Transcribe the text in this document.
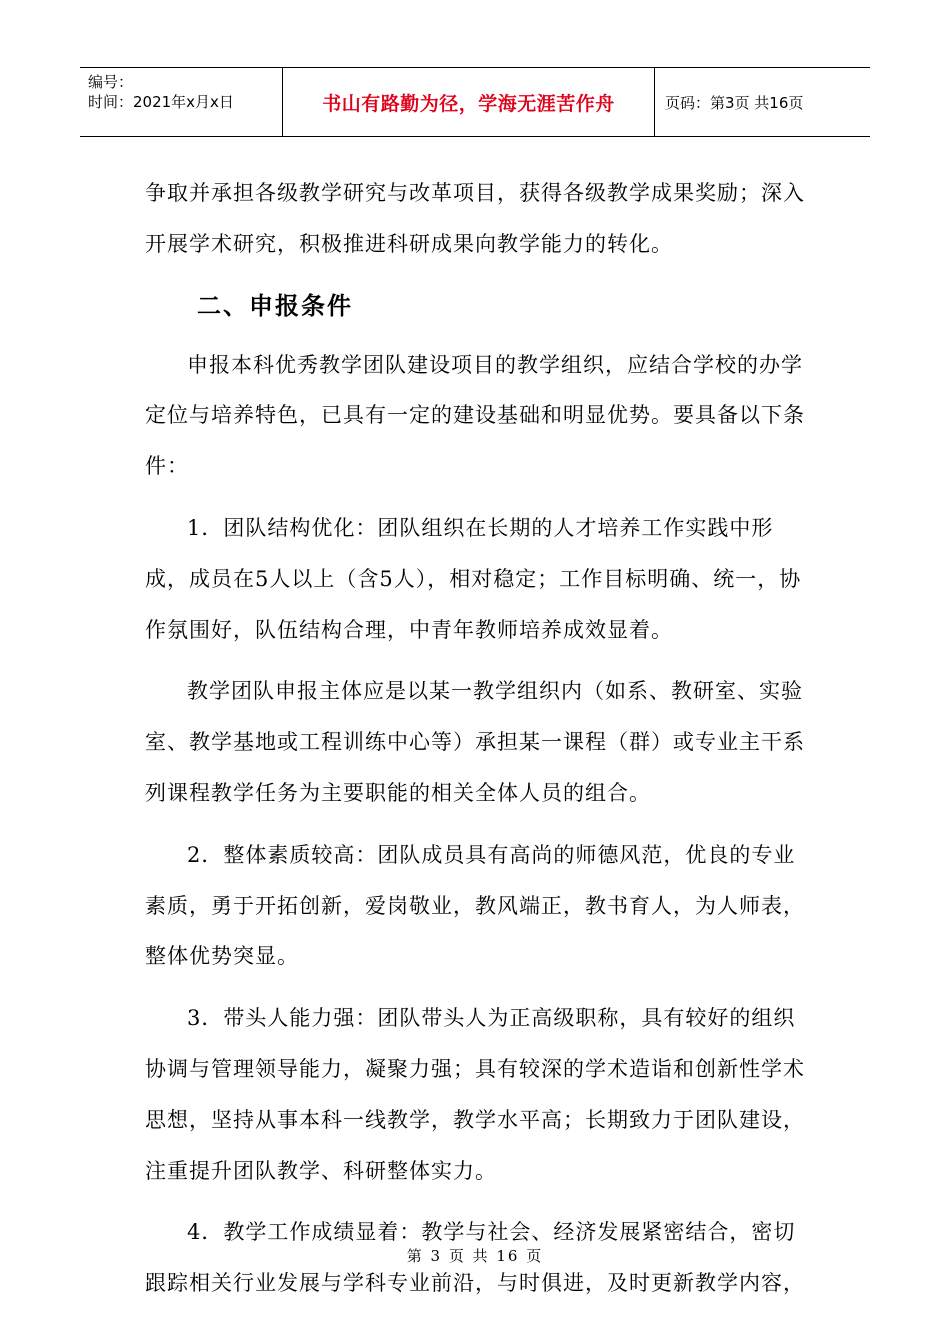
编号：
时间：2021年x月x日	书山有路勤为径，学海无涯苦作舟	页码：第3页 共16页

争取并承担各级教学研究与改革项目，获得各级教学成果奖励；深入开展学术研究，积极推进科研成果向教学能力的转化。

二、申报条件

申报本科优秀教学团队建设项目的教学组织，应结合学校的办学定位与培养特色，已具有一定的建设基础和明显优势。要具备以下条件：

1．团队结构优化：团队组织在长期的人才培养工作实践中形成，成员在5人以上（含5人），相对稳定；工作目标明确、统一，协作氛围好，队伍结构合理，中青年教师培养成效显着。

教学团队申报主体应是以某一教学组织内（如系、教研室、实验室、教学基地或工程训练中心等）承担某一课程（群）或专业主干系列课程教学任务为主要职能的相关全体人员的组合。

2．整体素质较高：团队成员具有高尚的师德风范，优良的专业素质，勇于开拓创新，爱岗敬业，教风端正，教书育人，为人师表，整体优势突显。

3．带头人能力强：团队带头人为正高级职称，具有较好的组织协调与管理领导能力，凝聚力强；具有较深的学术造诣和创新性学术思想，坚持从事本科一线教学，教学水平高；长期致力于团队建设，注重提升团队教学、科研整体实力。

4．教学工作成绩显着：教学与社会、经济发展紧密结合，密切跟踪相关行业发展与学科专业前沿，与时俱进，及时更新教学内容，

第 3 页 共 16 页
